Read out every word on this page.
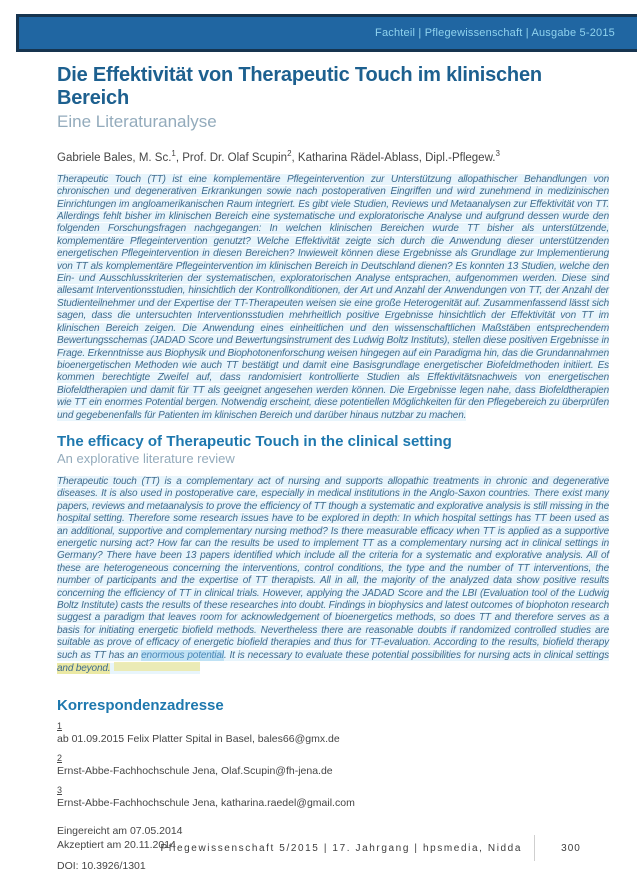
Fachteil | Pflegewissenschaft | Ausgabe 5-2015
Die Effektivität von Therapeutic Touch im klinischen Bereich
Eine Literaturanalyse

Gabriele Bales, M. Sc.$^1$, Prof. Dr. Olaf Scupin$^2$, Katharina Rädel-Ablass, Dipl.-Pflegew.$^3$

Therapeutic Touch (TT) ist eine komplementäre Pflegeintervention zur Unterstützung allopathischer Behandlungen von chronischen und degenerativen Erkrankungen sowie nach postoperativen Eingriffen und wird zunehmend in medizinischen Einrichtungen im angloamerikanischen Raum integriert. Es gibt viele Studien, Reviews und Metaanalysen zur Effektivität von TT. Allerdings fehlt bisher im klinischen Bereich eine systematische und exploratorische Analyse und aufgrund dessen wurde den folgenden Forschungsfragen nachgegangen: In welchen klinischen Bereichen wurde TT bisher als unterstützende, komplementäre Pflegeintervention genutzt? Welche Effektivität zeigte sich durch die Anwendung dieser unterstützenden energetischen Pflegeintervention in diesen Bereichen? Inwieweit können diese Ergebnisse als Grundlage zur Implementierung von TT als komplementäre Pflegeintervention im klinischen Bereich in Deutschland dienen? Es konnten 13 Studien, welche den Ein- und Ausschlusskriterien der systematischen, exploratorischen Analyse entsprachen, aufgenommen werden. Diese sind allesamt Interventionsstudien, hinsichtlich der Kontrollkonditionen, der Art und Anzahl der Anwendungen von TT, der Anzahl der Studienteilnehmer und der Expertise der TT-Therapeuten weisen sie eine große Heterogenität auf. Zusammenfassend lässt sich sagen, dass die untersuchten Interventionsstudien mehrheitlich positive Ergebnisse hinsichtlich der Effektivität von TT im klinischen Bereich zeigen. Die Anwendung eines einheitlichen und den wissenschaftlichen Maßstäben entsprechendem Bewertungsschemas (JADAD Score und Bewertungsinstrument des Ludwig Boltz Instituts), stellen diese positiven Ergebnisse in Frage. Erkenntnisse aus Biophysik und Biophotonenforschung weisen hingegen auf ein Paradigma hin, das die Grundannahmen bioenergetischen Methoden wie auch TT bestätigt und damit eine Basisgrundlage energetischer Biofeldmethoden initiiert. Es kommen berechtigte Zweifel auf, dass randomisiert kontrollierte Studien als Effektivitätsnachweis von energetischen Biofeldtherapien und damit für TT als geeignet angesehen werden können. Die Ergebnisse legen nahe, dass Biofeldtherapien wie TT ein enormes Potential bergen. Notwendig erscheint, diese potentiellen Möglichkeiten für den Pflegebereich zu überprüfen und gegebenenfalls für Patienten im klinischen Bereich und darüber hinaus nutzbar zu machen.

The efficacy of Therapeutic Touch in the clinical setting
An explorative literature review

Therapeutic touch (TT) is a complementary act of nursing and supports allopathic treatments in chronic and degenerative diseases. It is also used in postoperative care, especially in medical institutions in the Anglo-Saxon countries. There exist many papers, reviews and metaanalysis to prove the efficiency of TT though a systematic and explorative analysis is still missing in the hospital setting. Therefore some research issues have to be explored in depth: In which hospital settings has TT been used as an additional, supportive and complementary nursing method? Is there measurable efficacy when TT is applied as a supportive energetic nursing act? How far can the results be used to implement TT as a complementary nursing act in clinical settings in Germany? There have been 13 papers identified which include all the criteria for a systematic and explorative analysis. All of these are heterogeneous concerning the interventions, control conditions, the type and the number of TT interventions, the number of participants and the expertise of TT therapists. All in all, the majority of the analyzed data show positive results concerning the efficiency of TT in clinical trials. However, applying the JADAD Score and the LBI (Evaluation tool of the Ludwig Boltz Institute) casts the results of these researches into doubt. Findings in biophysics and latest outcomes of biophoton research suggest a paradigm that leaves room for acknowledgement of bioenergetics methods, so does TT and therefore serves as a basis for initiating energetic biofield methods. Nevertheless there are reasonable doubts if randomized controlled studies are suitable as prove of efficacy of energetic biofield therapies and thus for TT-evaluation. According to the results, biofield therapy such as TT has an enormous potential. It is necessary to evaluate these potential possibilities for nursing acts in clinical settings and beyond.

Korrespondenzadresse
1
ab 01.09.2015 Felix Platter Spital in Basel, bales66@gmx.de
2
Ernst-Abbe-Fachhochschule Jena, Olaf.Scupin@fh-jena.de
3
Ernst-Abbe-Fachhochschule Jena, katharina.raedel@gmail.com

Eingereicht am 07.05.2014
Akzeptiert am 20.11.2014

DOI: 10.3926/1301

Pflegewissenschaft 5/2015 | 17. Jahrgang | hpsmedia, Nidda	300
